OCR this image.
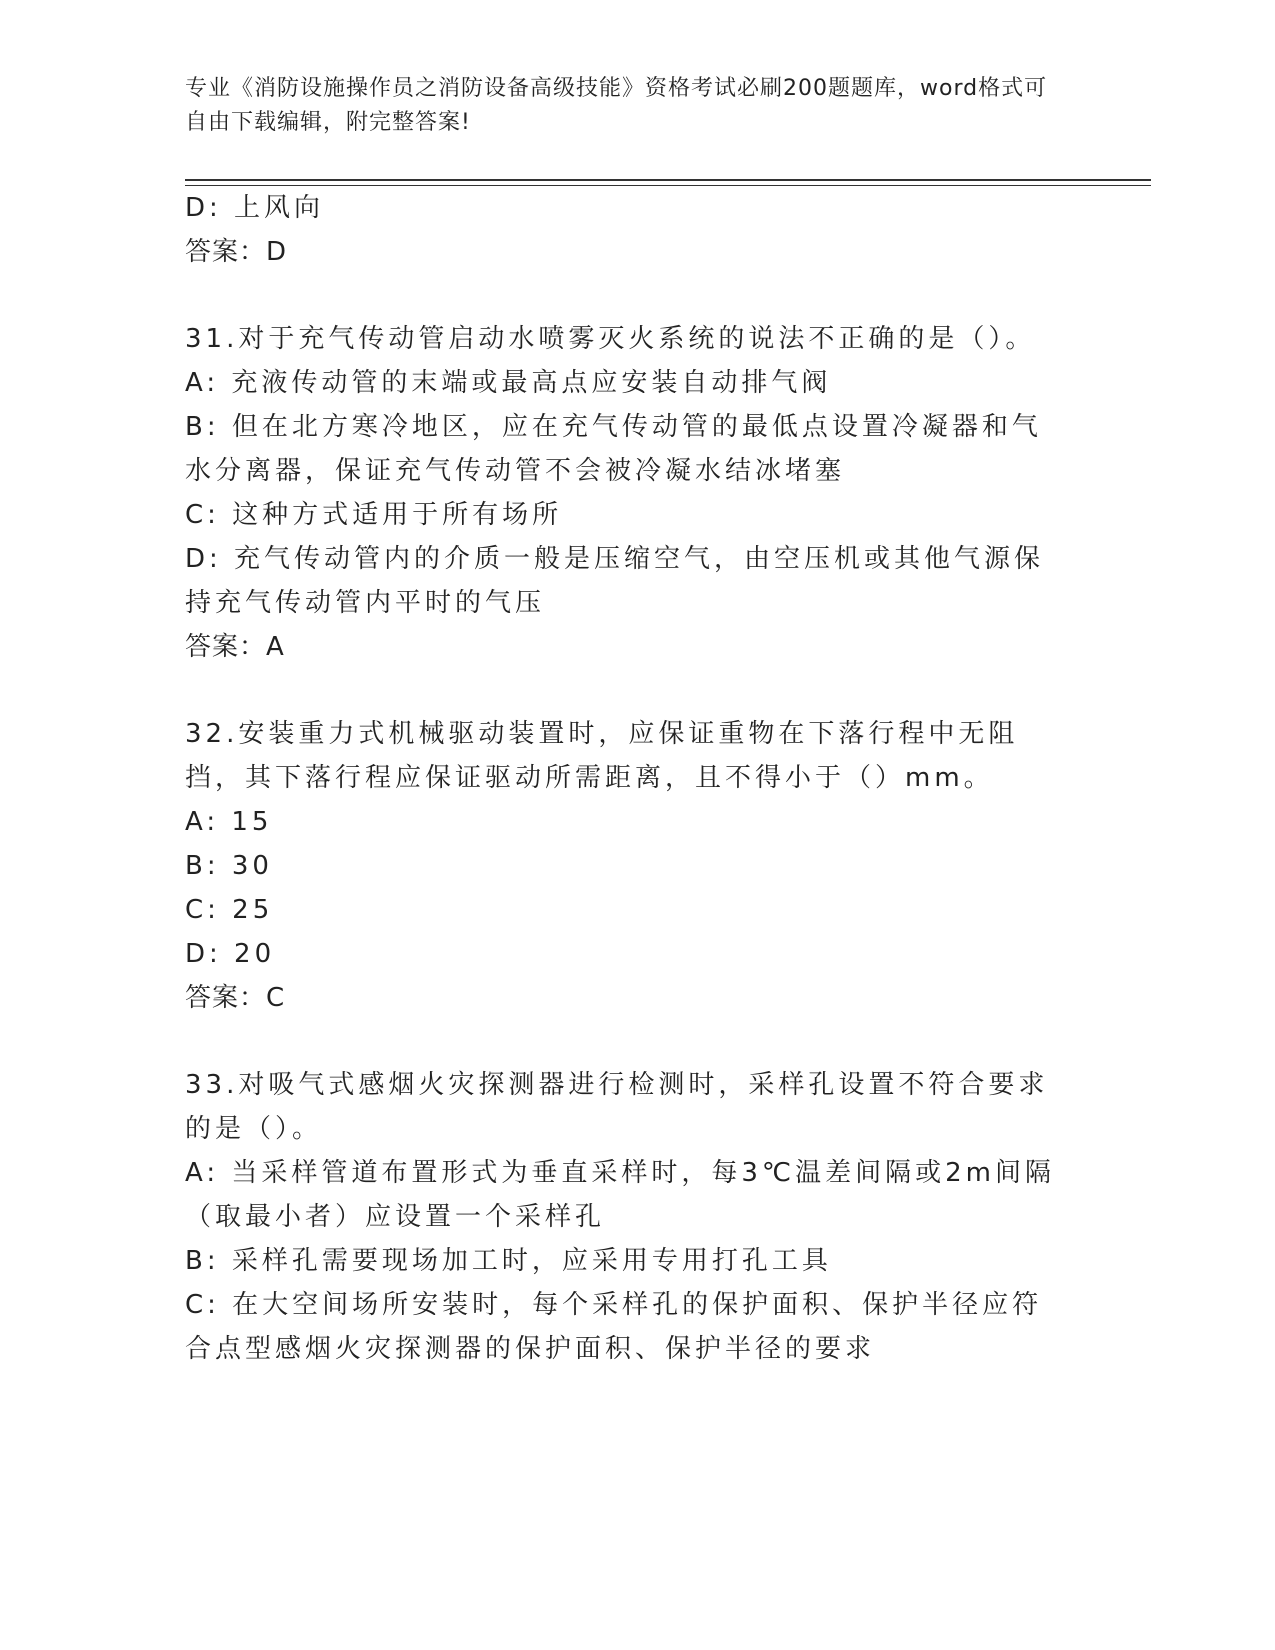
专业《消防设施操作员之消防设备高级技能》资格考试必刷200题题库，word格式可自由下载编辑，附完整答案!

D: 上风向

答案：D

31.对于充气传动管启动水喷雾灭火系统的说法不正确的是（）。

A: 充液传动管的末端或最高点应安装自动排气阀

B: 但在北方寒冷地区，应在充气传动管的最低点设置冷凝器和气水分离器，保证充气传动管不会被冷凝水结冰堵塞

C: 这种方式适用于所有场所

D: 充气传动管内的介质一般是压缩空气，由空压机或其他气源保持充气传动管内平时的气压

答案：A

32.安装重力式机械驱动装置时，应保证重物在下落行程中无阻挡，其下落行程应保证驱动所需距离，且不得小于（）mm。

A: 15

B: 30

C: 25

D: 20

答案：C

33.对吸气式感烟火灾探测器进行检测时，采样孔设置不符合要求的是（）。

A: 当采样管道布置形式为垂直采样时，每3℃温差间隔或2m间隔（取最小者）应设置一个采样孔

B: 采样孔需要现场加工时，应采用专用打孔工具

C: 在大空间场所安装时，每个采样孔的保护面积、保护半径应符合点型感烟火灾探测器的保护面积、保护半径的要求
